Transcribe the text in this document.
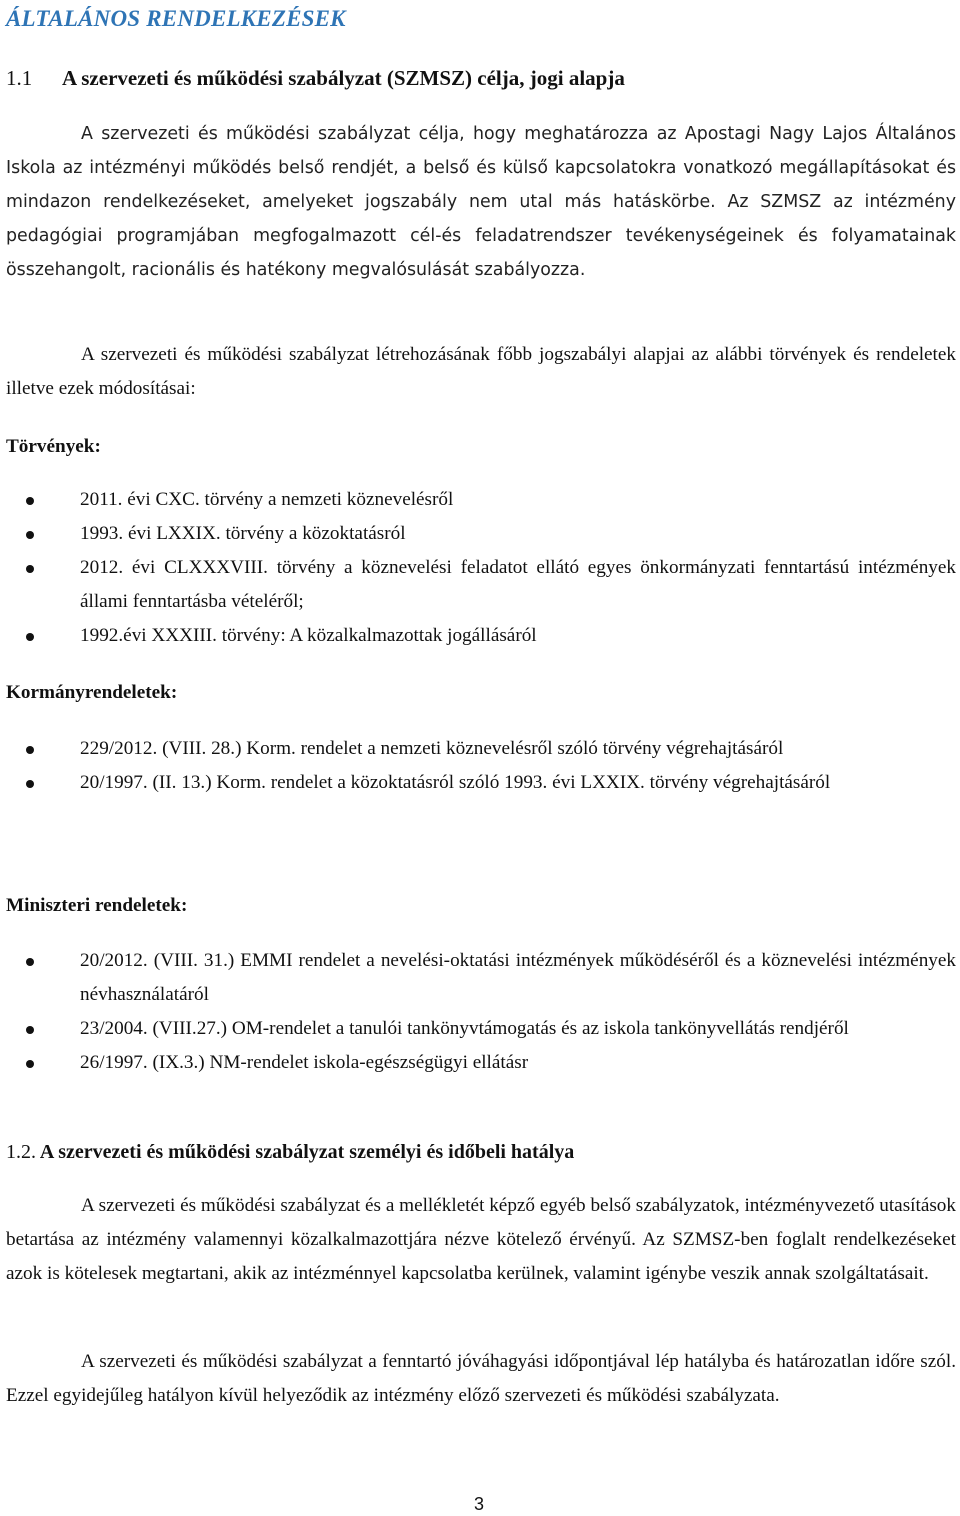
ÁLTALÁNOS RENDELKEZÉSEK
1.1 A szervezeti és működési szabályzat (SZMSZ) célja, jogi alapja

A szervezeti és működési szabályzat célja, hogy meghatározza az Apostagi Nagy Lajos Általános Iskola az intézményi működés belső rendjét, a belső és külső kapcsolatokra vonatkozó megállapításokat és mindazon rendelkezéseket, amelyeket jogszabály nem utal más hatáskörbe. Az SZMSZ az intézmény pedagógiai programjában megfogalmazott cél-és feladatrendszer tevékenységeinek és folyamatainak összehangolt, racionális és hatékony megvalósulását szabályozza.

A szervezeti és működési szabályzat létrehozásának főbb jogszabályi alapjai az alábbi törvények és rendeletek illetve ezek módosításai:

Törvények:
2011. évi CXC. törvény a nemzeti köznevelésről
1993. évi LXXIX. törvény a közoktatásról
2012. évi CLXXXVIII. törvény a köznevelési feladatot ellátó egyes önkormányzati fenntartású intézmények állami fenntartásba vételéről;
1992.évi XXXIII. törvény: A közalkalmazottak jogállásáról
Kormányrendeletek:
229/2012. (VIII. 28.) Korm. rendelet a nemzeti köznevelésről szóló törvény végrehajtásáról
20/1997. (II. 13.) Korm. rendelet a közoktatásról szóló 1993. évi LXXIX. törvény végrehajtásáról
Miniszteri rendeletek:
20/2012. (VIII. 31.) EMMI rendelet a nevelési-oktatási intézmények működéséről és a köznevelési intézmények névhasználatáról
23/2004. (VIII.27.) OM-rendelet a tanulói tankönyvtámogatás és az iskola tankönyvellátás rendjéről
26/1997. (IX.3.) NM-rendelet iskola-egészségügyi ellátásr
1.2. A szervezeti és működési szabályzat személyi és időbeli hatálya

A szervezeti és működési szabályzat és a mellékletét képző egyéb belső szabályzatok, intézményvezető utasítások betartása az intézmény valamennyi közalkalmazottjára nézve kötelező érvényű. Az SZMSZ-ben foglalt rendelkezéseket azok is kötelesek megtartani, akik az intézménnyel kapcsolatba kerülnek, valamint igénybe veszik annak szolgáltatásait.

A szervezeti és működési szabályzat a fenntartó jóváhagyási időpontjával lép hatályba és határozatlan időre szól. Ezzel egyidejűleg hatályon kívül helyeződik az intézmény előző szervezeti és működési szabályzata.

3
